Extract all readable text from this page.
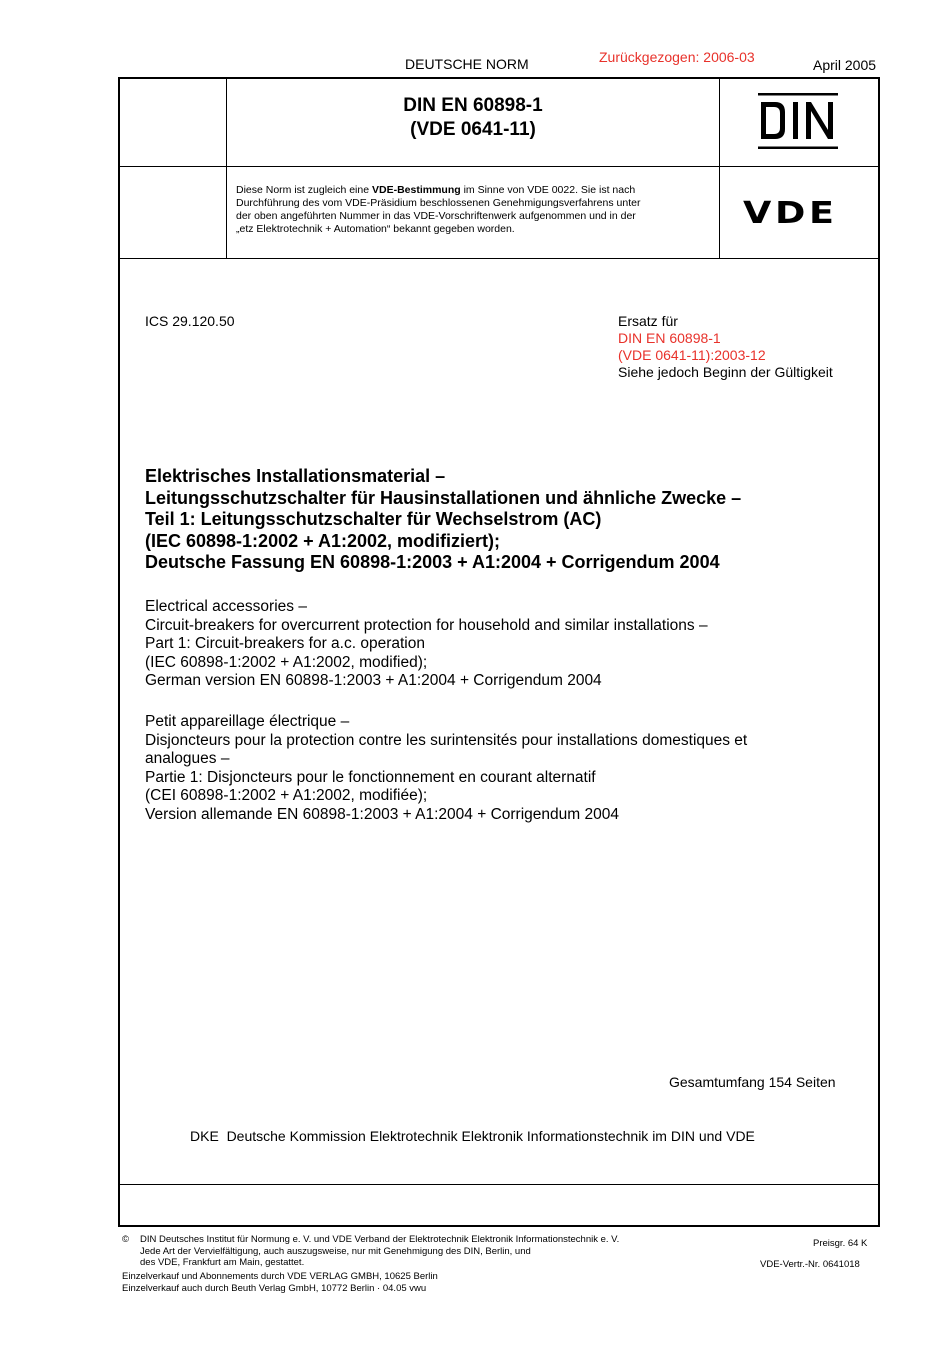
DEUTSCHE NORM	Zurückgezogen: 2006-03	April 2005
DIN EN 60898-1
(VDE 0641-11)	DIN
Diese Norm ist zugleich eine VDE-Bestimmung im Sinne von VDE 0022. Sie ist nach
Durchführung des vom VDE-Präsidium beschlossenen Genehmigungsverfahrens unter
der oben angeführten Nummer in das VDE-Vorschriftenwerk aufgenommen und in der
„etz Elektrotechnik + Automation“ bekannt gegeben worden.	VDE
ICS 29.120.50	Ersatz für
DIN EN 60898-1
(VDE 0641-11):2003-12
Siehe jedoch Beginn der Gültigkeit
Elektrisches Installationsmaterial –
Leitungsschutzschalter für Hausinstallationen und ähnliche Zwecke –
Teil 1: Leitungsschutzschalter für Wechselstrom (AC)
(IEC 60898-1:2002 + A1:2002, modifiziert);
Deutsche Fassung EN 60898-1:2003 + A1:2004 + Corrigendum 2004
Electrical accessories –
Circuit-breakers for overcurrent protection for household and similar installations –
Part 1: Circuit-breakers for a.c. operation
(IEC 60898-1:2002 + A1:2002, modified);
German version EN 60898-1:2003 + A1:2004 + Corrigendum 2004
Petit appareillage électrique –
Disjoncteurs pour la protection contre les surintensités pour installations domestiques et
analogues –
Partie 1: Disjoncteurs pour le fonctionnement en courant alternatif
(CEI 60898-1:2002 + A1:2002, modifiée);
Version allemande EN 60898-1:2003 + A1:2004 + Corrigendum 2004
Gesamtumfang 154 Seiten
DKE  Deutsche Kommission Elektrotechnik Elektronik Informationstechnik im DIN und VDE
© DIN Deutsches Institut für Normung e. V. und VDE Verband der Elektrotechnik Elektronik Informationstechnik e. V.
Jede Art der Vervielfältigung, auch auszugsweise, nur mit Genehmigung des DIN, Berlin, und
des VDE, Frankfurt am Main, gestattet.
Einzelverkauf und Abonnements durch VDE VERLAG GMBH, 10625 Berlin
Einzelverkauf auch durch Beuth Verlag GmbH, 10772 Berlin · 04.05 vwu
Preisgr. 64 K
VDE-Vertr.-Nr. 0641018
